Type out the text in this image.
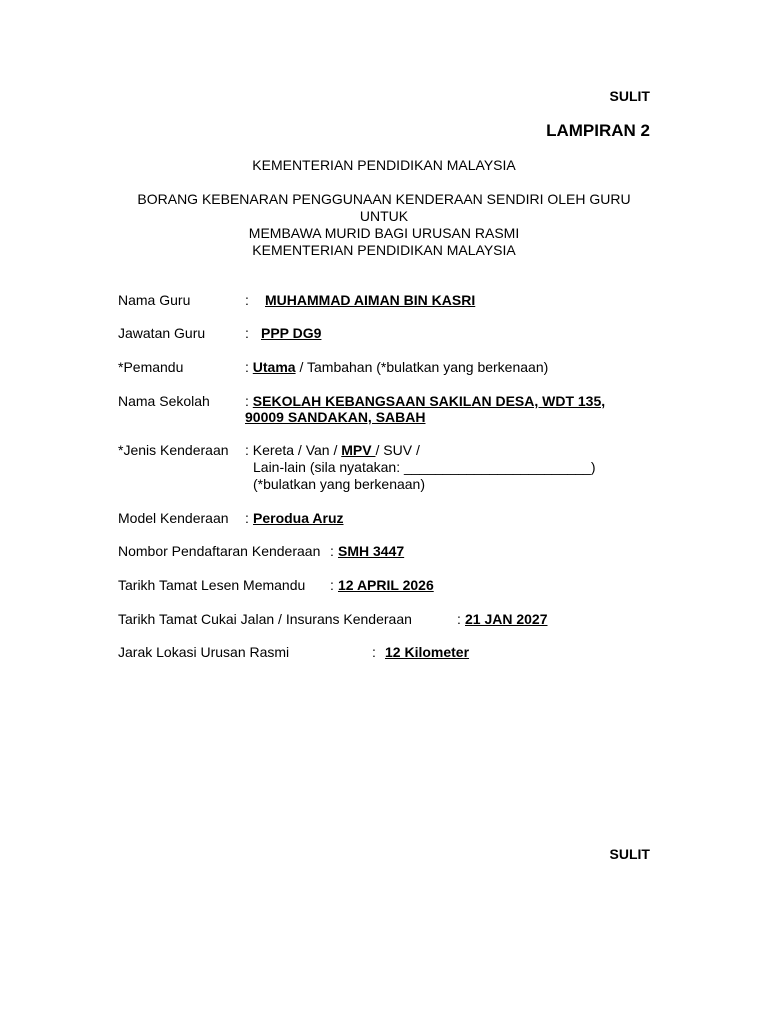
SULIT
LAMPIRAN 2
KEMENTERIAN PENDIDIKAN MALAYSIA
BORANG KEBENARAN PENGGUNAAN KENDERAAN SENDIRI OLEH GURU
UNTUK
MEMBAWA MURID BAGI URUSAN RASMI
KEMENTERIAN PENDIDIKAN MALAYSIA
Nama Guru	: MUHAMMAD AIMAN BIN KASRI
Jawatan Guru	: PPP DG9
*Pemandu	: Utama / Tambahan (*bulatkan yang berkenaan)
Nama Sekolah	: SEKOLAH KEBANGSAAN SAKILAN DESA, WDT 135,
90009 SANDAKAN, SABAH
*Jenis Kenderaan : Kereta / Van / MPV / SUV /
Lain-lain (sila nyatakan: ________________________)
(*bulatkan yang berkenaan)
Model Kenderaan : Perodua Aruz
Nombor Pendaftaran Kenderaan : SMH 3447
Tarikh Tamat Lesen Memandu : 12 APRIL 2026
Tarikh Tamat Cukai Jalan / Insurans Kenderaan	: 21 JAN 2027
Jarak Lokasi Urusan Rasmi	: 12 Kilometer
SULIT
